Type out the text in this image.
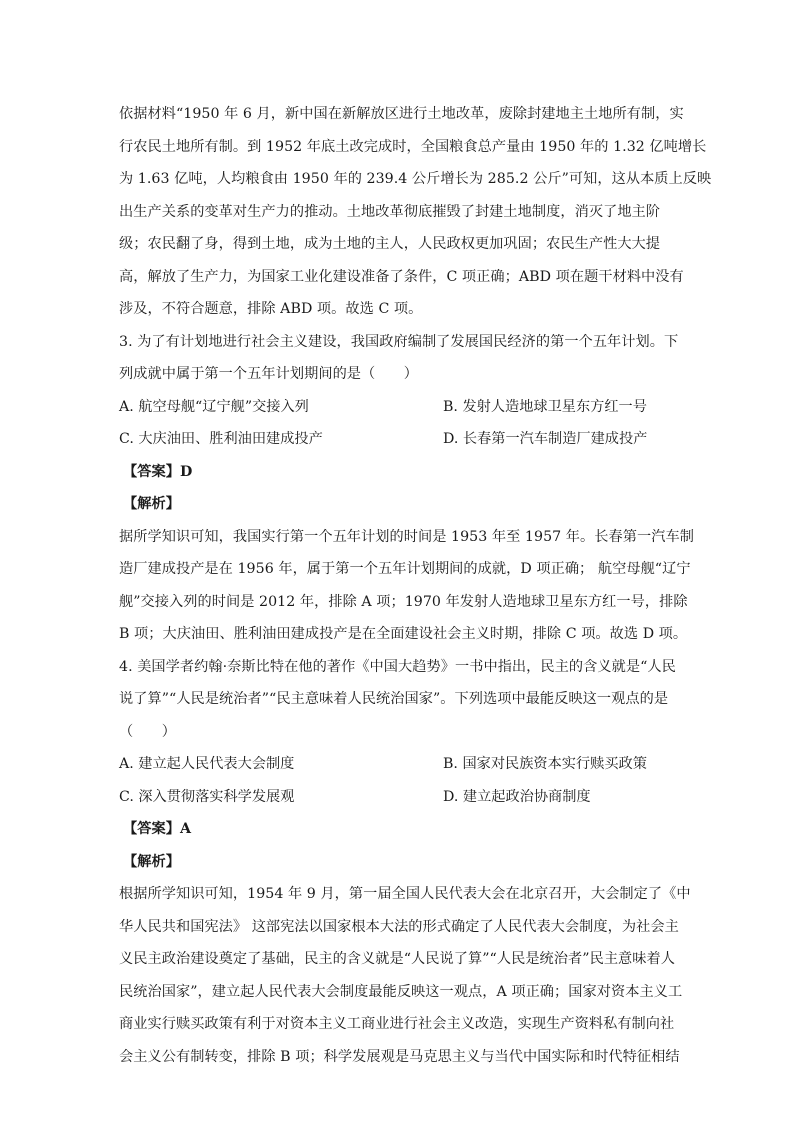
依据材料“1950 年 6 月，新中国在新解放区进行土地改革，废除封建地主土地所有制，实
行农民土地所有制。到 1952 年底土改完成时，全国粮食总产量由 1950 年的 1.32 亿吨增长
为 1.63 亿吨，人均粮食由 1950 年的 239.4 公斤增长为 285.2 公斤”可知，这从本质上反映
出生产关系的变革对生产力的推动。土地改革彻底摧毁了封建土地制度，消灭了地主阶
级；农民翻了身，得到土地，成为土地的主人，人民政权更加巩固；农民生产性大大提
高，解放了生产力，为国家工业化建设准备了条件，C 项正确；ABD 项在题干材料中没有
涉及，不符合题意，排除 ABD 项。故选 C 项。
3. 为了有计划地进行社会主义建设，我国政府编制了发展国民经济的第一个五年计划。下
列成就中属于第一个五年计划期间的是（　　）
A. 航空母舰“辽宁舰”交接入列	B. 发射人造地球卫星东方红一号
C. 大庆油田、胜利油田建成投产	D. 长春第一汽车制造厂建成投产
【答案】D
【解析】
据所学知识可知，我国实行第一个五年计划的时间是 1953 年至 1957 年。长春第一汽车制
造厂建成投产是在 1956 年，属于第一个五年计划期间的成就，D 项正确； 航空母舰“辽宁
舰”交接入列的时间是 2012 年，排除 A 项；1970 年发射人造地球卫星东方红一号，排除
B 项；大庆油田、胜利油田建成投产是在全面建设社会主义时期，排除 C 项。故选 D 项。
4. 美国学者约翰·奈斯比特在他的著作《中国大趋势》一书中指出，民主的含义就是“人民
说了算”“人民是统治者”“民主意味着人民统治国家”。下列选项中最能反映这一观点的是
（　　）
A. 建立起人民代表大会制度	B. 国家对民族资本实行赎买政策
C. 深入贯彻落实科学发展观	D. 建立起政治协商制度
【答案】A
【解析】
根据所学知识可知，1954 年 9 月，第一届全国人民代表大会在北京召开，大会制定了《中
华人民共和国宪法》 这部宪法以国家根本大法的形式确定了人民代表大会制度，为社会主
义民主政治建设奠定了基础，民主的含义就是“人民说了算”“人民是统治者”民主意味着人
民统治国家”，建立起人民代表大会制度最能反映这一观点，A 项正确；国家对资本主义工
商业实行赎买政策有利于对资本主义工商业进行社会主义改造，实现生产资料私有制向社
会主义公有制转变，排除 B 项；科学发展观是马克思主义与当代中国实际和时代特征相结
